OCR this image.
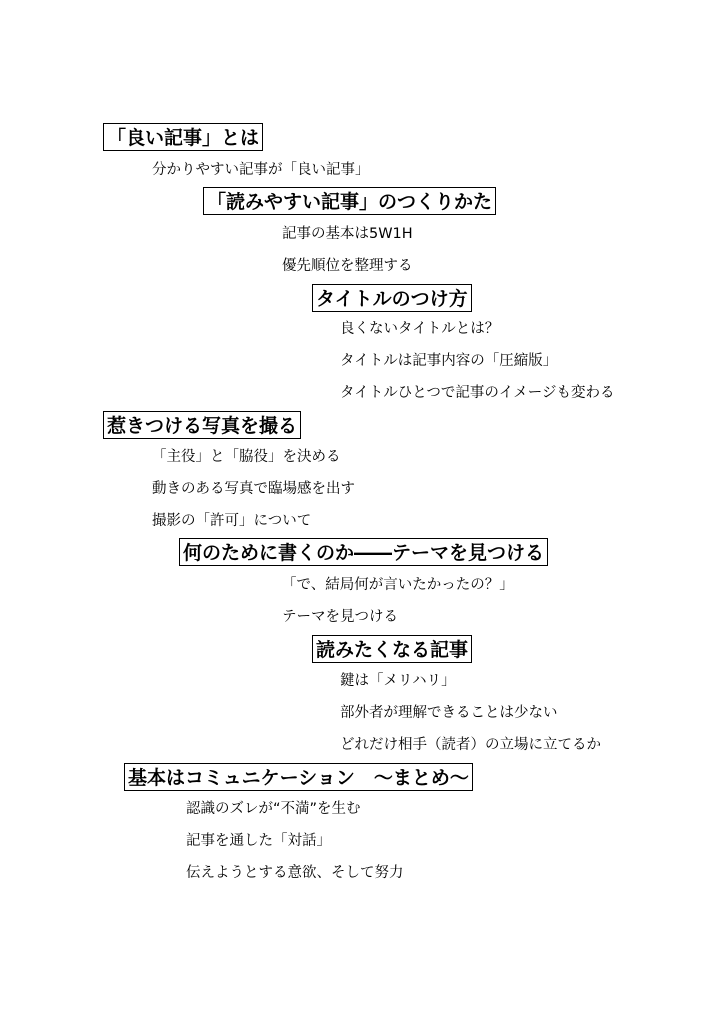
「良い記事」とは
分かりやすい記事が「良い記事」
「読みやすい記事」のつくりかた
記事の基本は5W1H
優先順位を整理する
タイトルのつけ方
良くないタイトルとは？
タイトルは記事内容の「圧縮版」
タイトルひとつで記事のイメージも変わる
惹きつける写真を撮る
「主役」と「脇役」を決める
動きのある写真で臨場感を出す
撮影の「許可」について
何のために書くのか――テーマを見つける
「で、結局何が言いたかったの？」
テーマを見つける
読みたくなる記事
鍵は「メリハリ」
部外者が理解できることは少ない
どれだけ相手（読者）の立場に立てるか
基本はコミュニケーション　～まとめ～
認識のズレが“不満”を生む
記事を通した「対話」
伝えようとする意欲、そして努力
